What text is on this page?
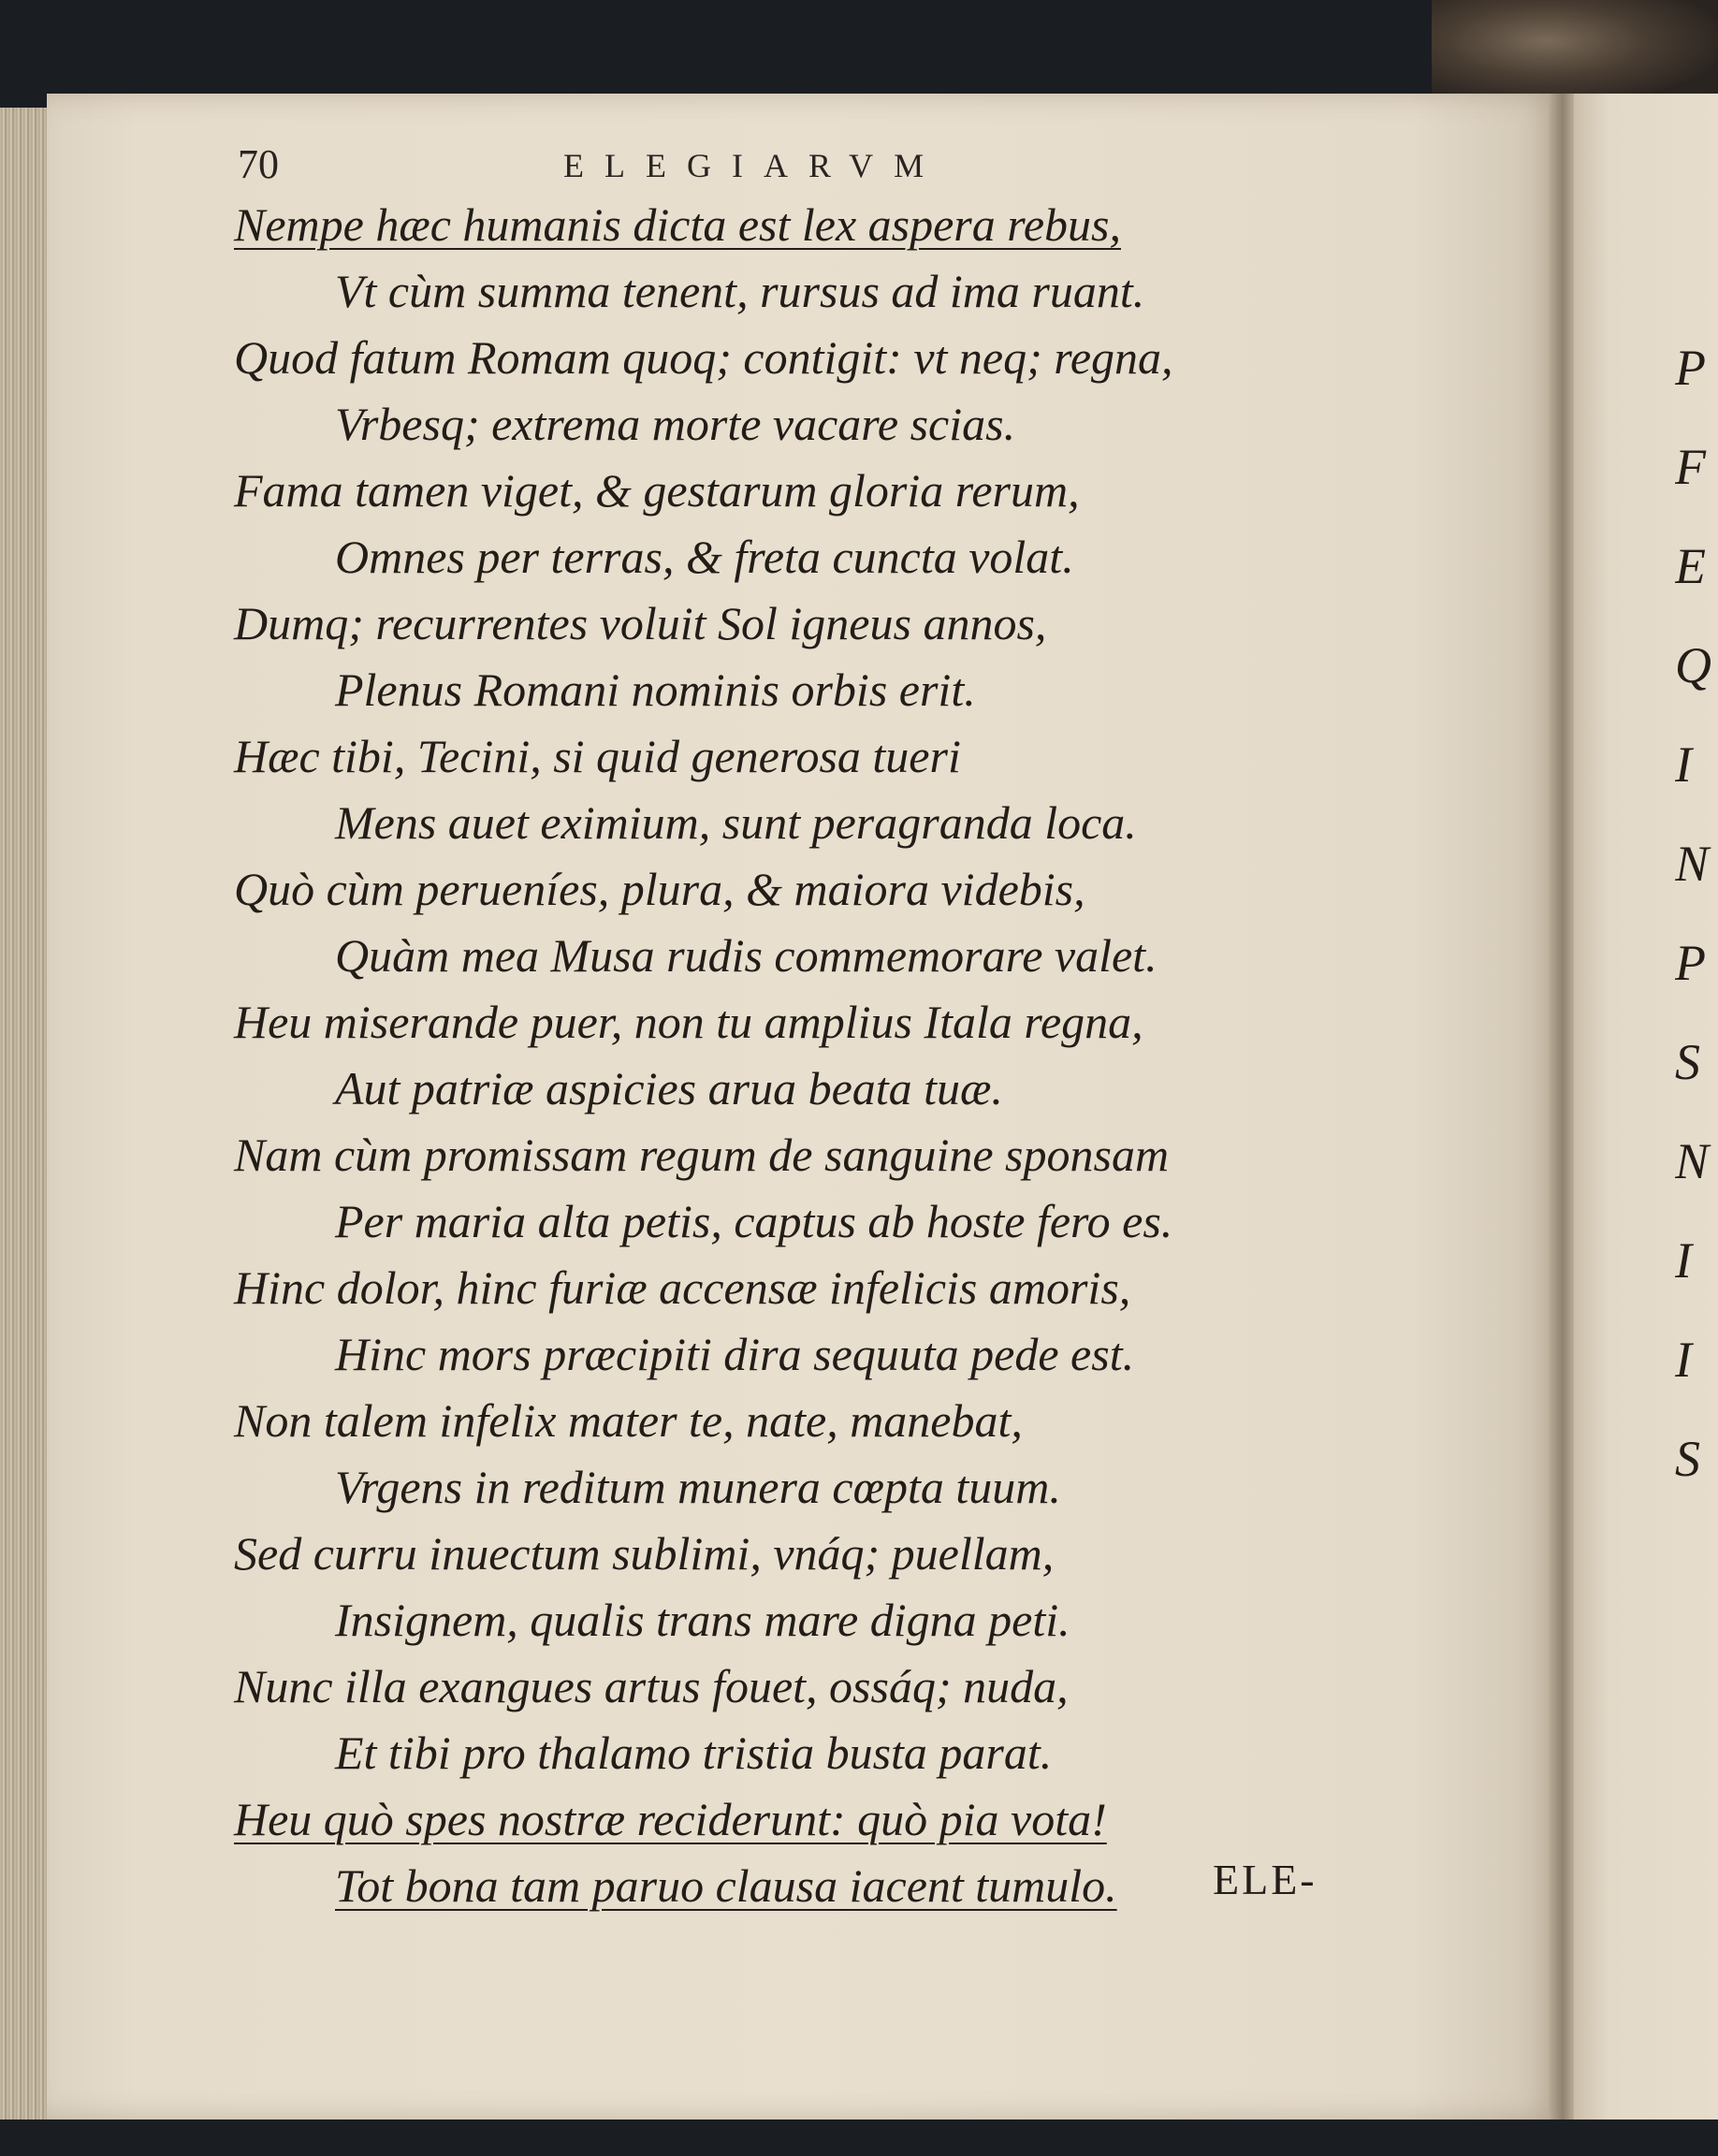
70	ELEGIARVM
Nempe hæc humanis dicta est lex aspera rebus,
Vt cùm summa tenent, rursus ad ima ruant.
Quod fatum Romam quoq; contigit: vt neq; regna,
Vrbesq; extrema morte vacare scias.
Fama tamen viget, & gestarum gloria rerum,
Omnes per terras, & freta cuncta volat.
Dumq; recurrentes voluit Sol igneus annos,
Plenus Romani nominis orbis erit.
Hæc tibi, Tecini, si quid generosa tueri
Mens auet eximium, sunt peragranda loca.
Quò cùm perueníes, plura, & maiora videbis,
Quàm mea Musa rudis commemorare valet.
Heu miserande puer, non tu amplius Itala regna,
Aut patriæ aspicies arua beata tuæ.
Nam cùm promissam regum de sanguine sponsam
Per maria alta petis, captus ab hoste fero es.
Hinc dolor, hinc furiæ accensæ infelicis amoris,
Hinc mors præcipiti dira sequuta pede est.
Non talem infelix mater te, nate, manebat,
Vrgens in reditum munera cœpta tuum.
Sed curru inuectum sublimi, vnáq; puellam,
Insignem, qualis trans mare digna peti.
Nunc illa exangues artus fouet, ossáq; nuda,
Et tibi pro thalamo tristia busta parat.
Heu quò spes nostræ reciderunt: quò pia vota!
Tot bona tam paruo clausa iacent tumulo.	ELE-
P
F
E
Q
I
N
P
S
N
I
I
S
